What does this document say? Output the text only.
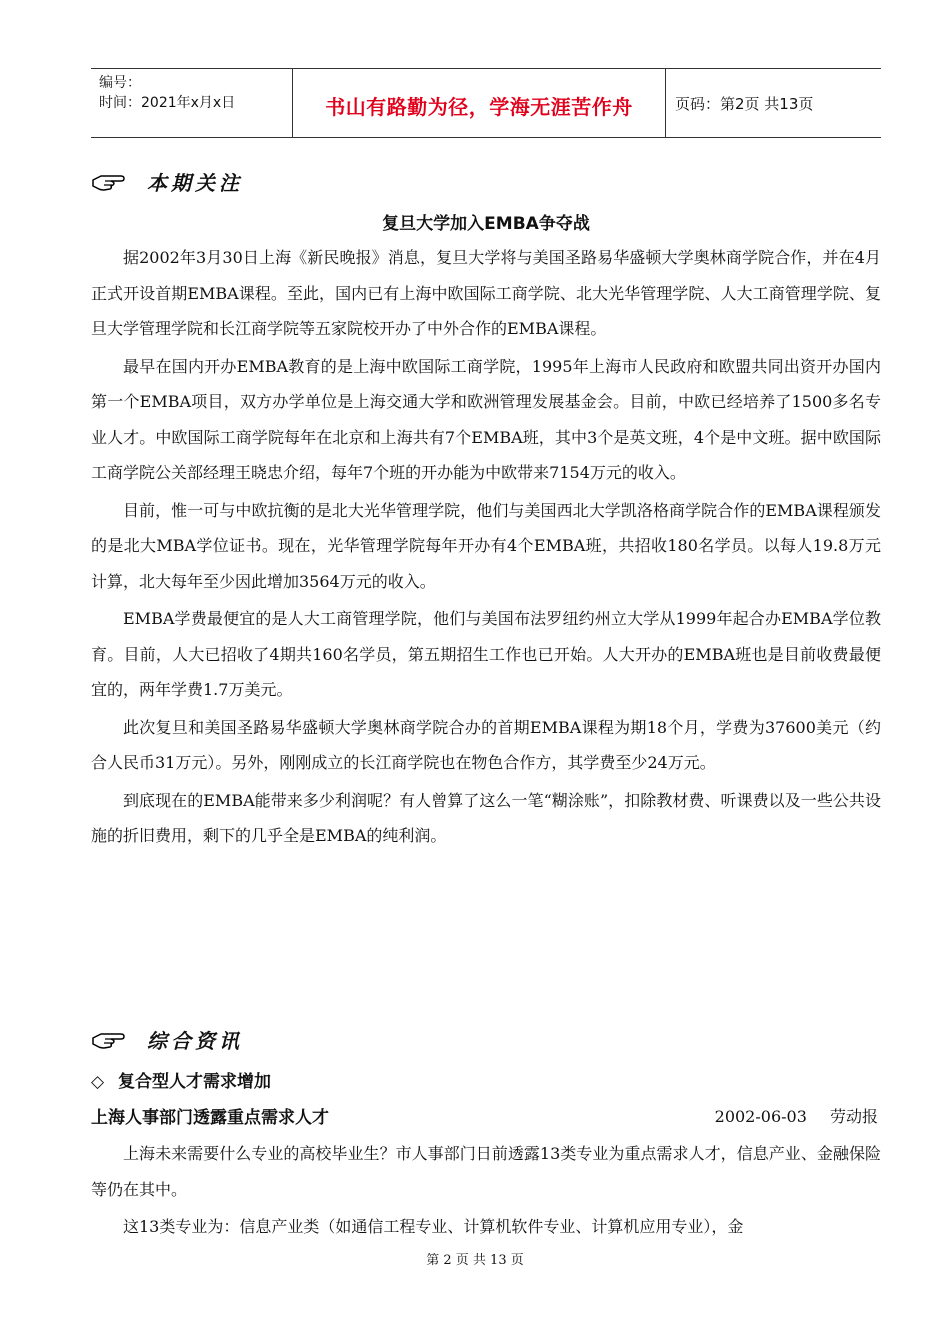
编号：
时间：2021年x月x日	书山有路勤为径，学海无涯苦作舟	页码：第2页 共13页
本期关注
复旦大学加入EMBA争夺战

据2002年3月30日上海《新民晚报》消息，复旦大学将与美国圣路易华盛顿大学奥林商学院合作，并在4月正式开设首期EMBA课程。至此，国内已有上海中欧国际工商学院、北大光华管理学院、人大工商管理学院、复旦大学管理学院和长江商学院等五家院校开办了中外合作的EMBA课程。

最早在国内开办EMBA教育的是上海中欧国际工商学院，1995年上海市人民政府和欧盟共同出资开办国内第一个EMBA项目，双方办学单位是上海交通大学和欧洲管理发展基金会。目前，中欧已经培养了1500多名专业人才。中欧国际工商学院每年在北京和上海共有7个EMBA班，其中3个是英文班，4个是中文班。据中欧国际工商学院公关部经理王晓忠介绍，每年7个班的开办能为中欧带来7154万元的收入。

目前，惟一可与中欧抗衡的是北大光华管理学院，他们与美国西北大学凯洛格商学院合作的EMBA课程颁发的是北大MBA学位证书。现在，光华管理学院每年开办有4个EMBA班，共招收180名学员。以每人19.8万元计算，北大每年至少因此增加3564万元的收入。

EMBA学费最便宜的是人大工商管理学院，他们与美国布法罗纽约州立大学从1999年起合办EMBA学位教育。目前，人大已招收了4期共160名学员，第五期招生工作也已开始。人大开办的EMBA班也是目前收费最便宜的，两年学费1.7万美元。

此次复旦和美国圣路易华盛顿大学奥林商学院合办的首期EMBA课程为期18个月，学费为37600美元（约合人民币31万元）。另外，刚刚成立的长江商学院也在物色合作方，其学费至少24万元。

到底现在的EMBA能带来多少利润呢？有人曾算了这么一笔“糊涂账”，扣除教材费、听课费以及一些公共设施的折旧费用，剩下的几乎全是EMBA的纯利润。

综合资讯
◇ 复合型人才需求增加
上海人事部门透露重点需求人才	2002-06-03 劳动报

上海未来需要什么专业的高校毕业生？市人事部门日前透露13类专业为重点需求人才，信息产业、金融保险等仍在其中。

这13类专业为：信息产业类（如通信工程专业、计算机软件专业、计算机应用专业），金

第 2 页 共 13 页
